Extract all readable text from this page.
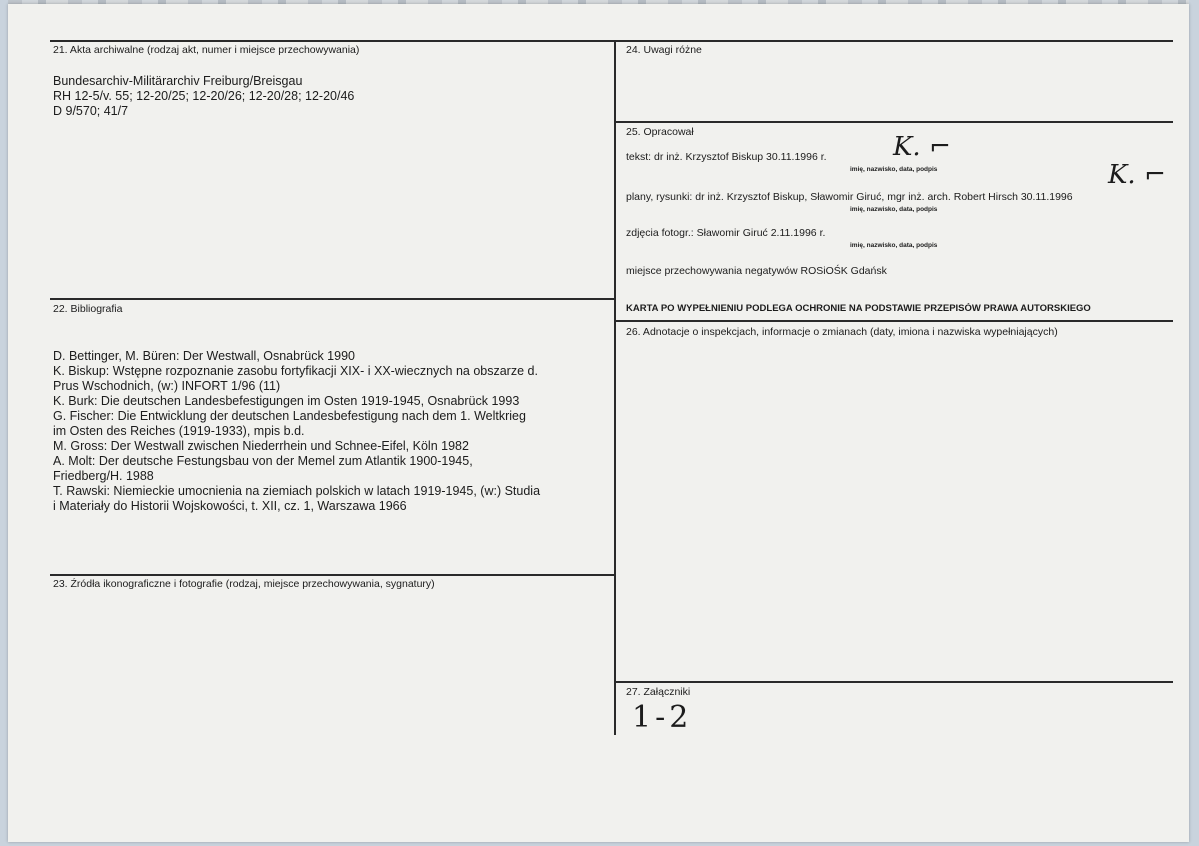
21. Akta archiwalne (rodzaj akt, numer i miejsce przechowywania)
Bundesarchiv-Militärarchiv Freiburg/Breisgau
RH 12-5/v. 55; 12-20/25; 12-20/26; 12-20/28; 12-20/46
D 9/570; 41/7
22. Bibliografia

D. Bettinger, M. Büren: Der Westwall, Osnabrück 1990
K. Biskup: Wstępne rozpoznanie zasobu fortyfikacji XIX- i XX-wiecznych na obszarze d.
Prus Wschodnich, (w:) INFORT 1/96 (11)
K. Burk: Die deutschen Landesbefestigungen im Osten 1919-1945, Osnabrück 1993
G. Fischer: Die Entwicklung der deutschen Landesbefestigung nach dem 1. Weltkrieg
im Osten des Reiches (1919-1933), mpis b.d.
M. Gross: Der Westwall zwischen Niederrhein und Schnee-Eifel, Köln 1982
A. Molt: Der deutsche Festungsbau von der Memel zum Atlantik 1900-1945,
Friedberg/H. 1988
T. Rawski: Niemieckie umocnienia na ziemiach polskich w latach 1919-1945, (w:) Studia
i Materiały do Historii Wojskowości, t. XII, cz. 1, Warszawa 1966

23. Źródła ikonograficzne i fotografie (rodzaj, miejsce przechowywania, sygnatury)
24. Uwagi różne
25. Opracował
tekst: dr inż. Krzysztof Biskup 30.11.1996 r.	K. ⌐
imię, nazwisko, data, podpis
plany, rysunki: dr inż. Krzysztof Biskup, Sławomir Giruć, mgr inż. arch. Robert Hirsch 30.11.1996
K. ⌐
imię, nazwisko, data, podpis
zdjęcia fotogr.: Sławomir Giruć 2.11.1996 r.
imię, nazwisko, data, podpis
miejsce przechowywania negatywów ROSiOŚK Gdańsk
KARTA PO WYPEŁNIENIU PODLEGA OCHRONIE NA PODSTAWIE PRZEPISÓW PRAWA AUTORSKIEGO
26. Adnotacje o inspekcjach, informacje o zmianach (daty, imiona i nazwiska wypełniających)
27. Załączniki
1-2
